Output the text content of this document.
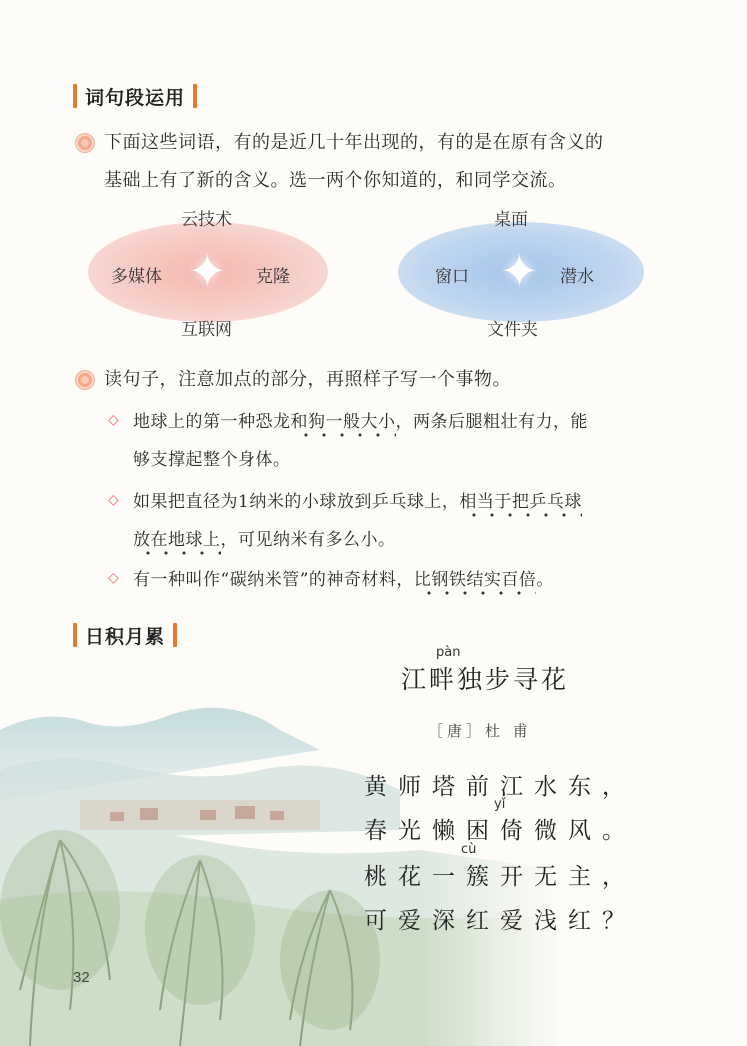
词句段运用
下面这些词语，有的是近几十年出现的，有的是在原有含义的
基础上有了新的含义。选一两个你知道的，和同学交流。
✦
云技术
多媒体	克隆
互联网
✦
桌面
窗口	潜水
文件夹
读句子，注意加点的部分，再照样子写一个事物。
◇ 地球上的第一种恐龙和狗一般大小，两条后腿粗壮有力，能
够支撑起整个身体。
◇ 如果把直径为1纳米的小球放到乒乓球上，相当于把乒乓球
放在地球上，可见纳米有多么小。
◇ 有一种叫作“碳纳米管”的神奇材料，比钢铁结实百倍。
日积月累
pàn
江畔独步寻花
［唐］杜 甫
黄师塔前江水东，
yǐ
春光懒困倚微风。
cù
桃花一簇开无主，
可爱深红爱浅红？
32
